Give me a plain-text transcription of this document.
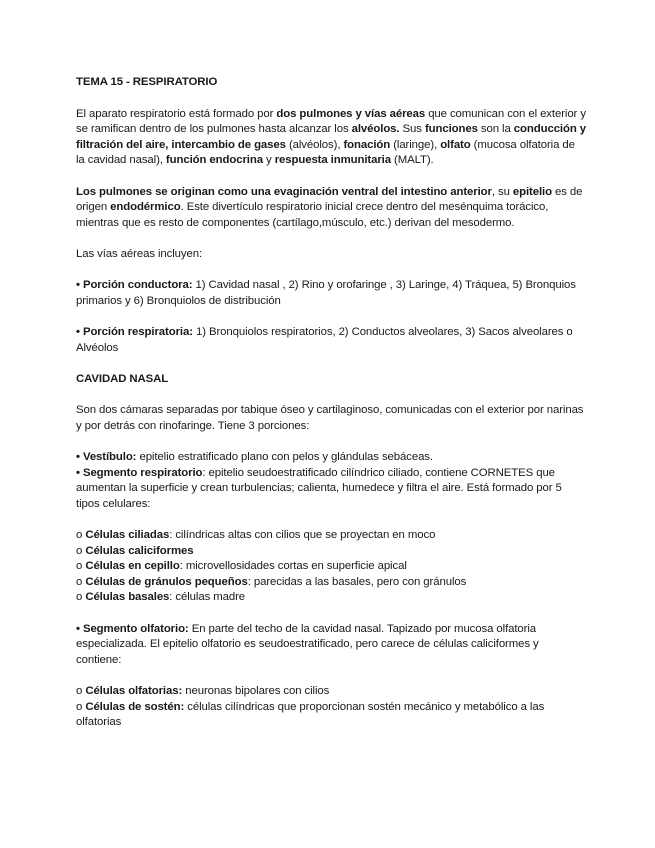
TEMA 15 - RESPIRATORIO

El aparato respiratorio está formado por dos pulmones y vías aéreas que comunican con el exterior y se ramifican dentro de los pulmones hasta alcanzar los alvéolos. Sus funciones son la conducción y filtración del aire, intercambio de gases (alvéolos), fonación (laringe), olfato (mucosa olfatoria de la cavidad nasal), función endocrina y respuesta inmunitaria (MALT).

Los pulmones se originan como una evaginación ventral del intestino anterior, su epitelio es de origen endodérmico. Este divertículo respiratorio inicial crece dentro del mesénquima torácico, mientras que es resto de componentes (cartílago,músculo, etc.) derivan del mesodermo.

Las vías aéreas incluyen:

• Porción conductora: 1) Cavidad nasal , 2) Rino y orofaringe , 3) Laringe, 4) Tráquea, 5) Bronquios primarios y 6) Bronquiolos de distribución

• Porción respiratoria: 1) Bronquiolos respiratorios, 2) Conductos alveolares, 3) Sacos alveolares o Alvéolos

CAVIDAD NASAL

Son dos cámaras separadas por tabique óseo y cartilaginoso, comunicadas con el exterior por narinas y por detrás con rinofaringe. Tiene 3 porciones:

• Vestíbulo: epitelio estratificado plano con pelos y glándulas sebáceas.
• Segmento respiratorio: epitelio seudoestratificado cilíndrico ciliado, contiene CORNETES que aumentan la superficie y crean turbulencias; calienta, humedece y filtra el aire. Está formado por 5 tipos celulares:
o Células ciliadas: cilíndricas altas con cilios que se proyectan en moco
o Células caliciformes
o Células en cepillo: microvellosidades cortas en superficie apical
o Células de gránulos pequeños: parecidas a las basales, pero con gránulos
o Células basales: células madre

• Segmento olfatorio: En parte del techo de la cavidad nasal. Tapizado por mucosa olfatoria especializada. El epitelio olfatorio es seudoestratificado, pero carece de células caliciformes y contiene:

o Células olfatorias: neuronas bipolares con cilios
o Células de sostén: células cilíndricas que proporcionan sostén mecánico y metabólico a las olfatorias
